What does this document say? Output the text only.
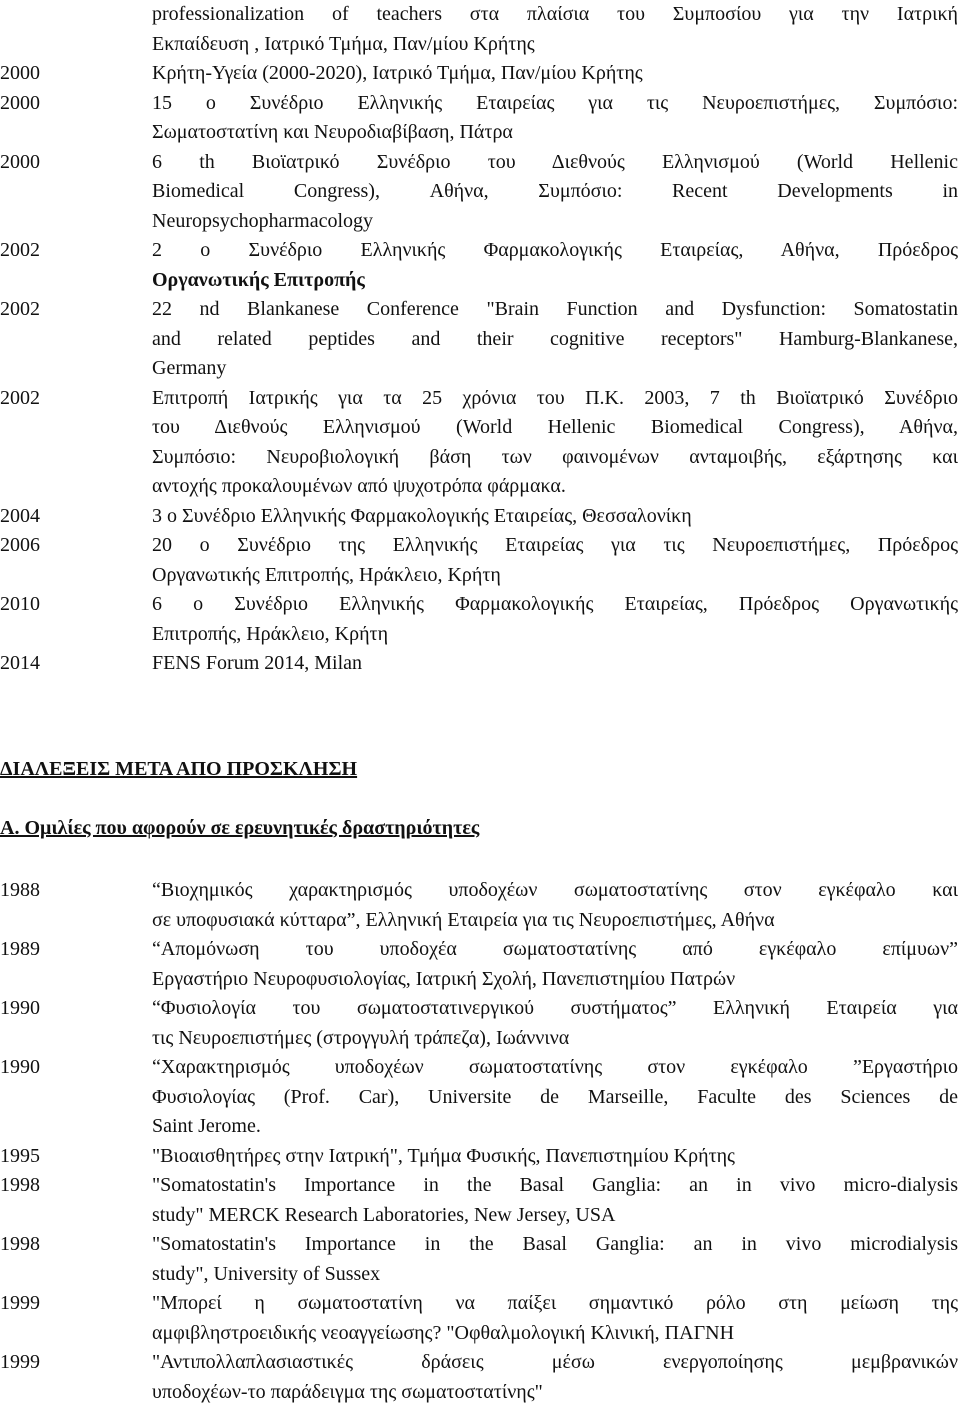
professionalization of teachers στα πλαίσια του Συμποσίου για την Ιατρική
Εκπαίδευση , Ιατρικό Τμήμα, Παν/μίου Κρήτης
2000	Κρήτη-Υγεία (2000-2020), Ιατρικό Τμήμα, Παν/μίου Κρήτης
2000	15 o Συνέδριο Ελληνικής Εταιρείας για τις Νευροεπιστήμες, Συμπόσιο:
Σωματοστατίνη και Νευροδιαβίβαση, Πάτρα
2000	6 th Βιοϊατρικό Συνέδριο του Διεθνούς Ελληνισμού (World Hellenic
Biomedical Congress), Αθήνα, Συμπόσιο: Recent Developments in
Neuropsychopharmacology
2002	2 o Συνέδριο Ελληνικής Φαρμακολογικής Εταιρείας, Αθήνα, Πρόεδρος
Οργανωτικής Επιτροπής
2002	22 nd Blankanese Conference "Brain Function and Dysfunction: Somatostatin
and related peptides and their cognitive receptors" Hamburg-Blankanese,
Germany
2002	Επιτροπή Ιατρικής για τα 25 χρόνια του Π.Κ. 2003, 7 th Βιοϊατρικό Συνέδριο
του Διεθνούς Ελληνισμού (World Hellenic Biomedical Congress), Αθήνα,
Συμπόσιο: Νευροβιολογική βάση των φαινομένων ανταμοιβής, εξάρτησης και
αντοχής προκαλουμένων από ψυχοτρόπα φάρμακα.
2004	3 o Συνέδριο Ελληνικής Φαρμακολογικής Εταιρείας, Θεσσαλονίκη
2006	20 o Συνέδριο της Ελληνικής Εταιρείας για τις Νευροεπιστήμες, Πρόεδρος
Οργανωτικής Επιτροπής, Ηράκλειο, Κρήτη
2010	6 o Συνέδριο Ελληνικής Φαρμακολογικής Εταιρείας, Πρόεδρος Οργανωτικής
Επιτροπής, Ηράκλειο, Κρήτη
2014	FENS Forum 2014, Milan
ΔΙΑΛΕΞΕΙΣ ΜΕΤΑ ΑΠΟ ΠΡΟΣΚΛΗΣΗ
Α. Ομιλίες που αφορούν σε ερευνητικές δραστηριότητες
1988	“Βιοχημικός χαρακτηρισμός υποδοχέων σωματοστατίνης στον εγκέφαλο και
σε υποφυσιακά κύτταρα”, Ελληνική Εταιρεία για τις Νευροεπιστήμες, Αθήνα
1989	“Απομόνωση του υποδοχέα σωματοστατίνης από εγκέφαλο επίμυων”
Εργαστήριο Νευροφυσιολογίας, Ιατρική Σχολή, Πανεπιστημίου Πατρών
1990	“Φυσιολογία του σωματοστατινεργικού συστήματος” Ελληνική Εταιρεία για
τις Νευροεπιστήμες (στρογγυλή τράπεζα), Ιωάννινα
1990	“Χαρακτηρισμός υποδοχέων σωματοστατίνης στον εγκέφαλο ”Εργαστήριο
Φυσιολογίας (Prof. Car), Universite de Marseille, Faculte des Sciences de
Saint Jerome.
1995	"Βιοαισθητήρες στην Ιατρική", Τμήμα Φυσικής, Πανεπιστημίου Κρήτης
1998	"Somatostatin's Importance in the Basal Ganglia: an in vivo micro-dialysis
study" MERCK Research Laboratories, New Jersey, USA
1998	"Somatostatin's Importance in the Basal Ganglia: an in vivo microdialysis
study", University of Sussex
1999	"Μπορεί η σωματοστατίνη να παίξει σημαντικό ρόλο στη μείωση της
αμφιβληστροειδικής νεοαγγείωσης? "Οφθαλμολογική Κλινική, ΠΑΓΝΗ
1999	"Αντιπολλαπλασιαστικές δράσεις μέσω ενεργοποίησης μεμβρανικών
υποδοχέων-το παράδειγμα της σωματοστατίνης"
